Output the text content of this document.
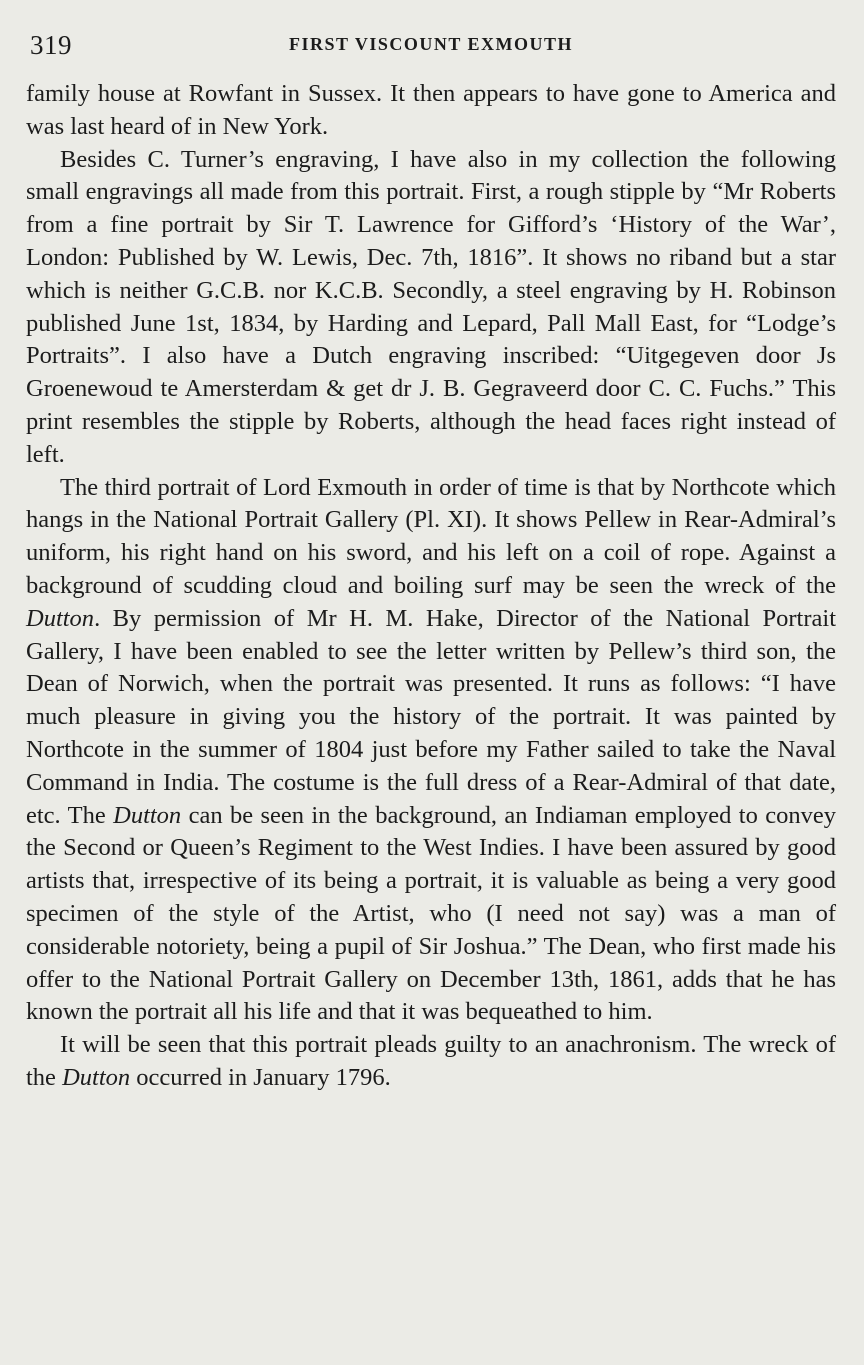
319	FIRST VISCOUNT EXMOUTH

family house at Rowfant in Sussex. It then appears to have gone to America and was last heard of in New York.

Besides C. Turner’s engraving, I have also in my collection the following small engravings all made from this portrait. First, a rough stipple by “Mr Roberts from a fine portrait by Sir T. Lawrence for Gifford’s ‘History of the War’, London: Published by W. Lewis, Dec. 7th, 1816”. It shows no riband but a star which is neither G.C.B. nor K.C.B. Secondly, a steel engraving by H. Robinson published June 1st, 1834, by Harding and Lepard, Pall Mall East, for “Lodge’s Portraits”. I also have a Dutch engraving inscribed: “Uitgegeven door Js Groenewoud te Amersterdam & get dr J. B. Gegraveerd door C. C. Fuchs.” This print resembles the stipple by Roberts, although the head faces right instead of left.

The third portrait of Lord Exmouth in order of time is that by Northcote which hangs in the National Portrait Gallery (Pl. XI). It shows Pellew in Rear-Admiral’s uniform, his right hand on his sword, and his left on a coil of rope. Against a background of scudding cloud and boiling surf may be seen the wreck of the Dutton. By permission of Mr H. M. Hake, Director of the National Portrait Gallery, I have been enabled to see the letter written by Pellew’s third son, the Dean of Norwich, when the portrait was presented. It runs as follows: “I have much pleasure in giving you the history of the portrait. It was painted by Northcote in the summer of 1804 just before my Father sailed to take the Naval Command in India. The costume is the full dress of a Rear-Admiral of that date, etc. The Dutton can be seen in the background, an Indiaman employed to convey the Second or Queen’s Regiment to the West Indies. I have been assured by good artists that, irrespective of its being a portrait, it is valuable as being a very good specimen of the style of the Artist, who (I need not say) was a man of considerable notoriety, being a pupil of Sir Joshua.” The Dean, who first made his offer to the National Portrait Gallery on December 13th, 1861, adds that he has known the portrait all his life and that it was bequeathed to him.

It will be seen that this portrait pleads guilty to an anachronism. The wreck of the Dutton occurred in January 1796.
